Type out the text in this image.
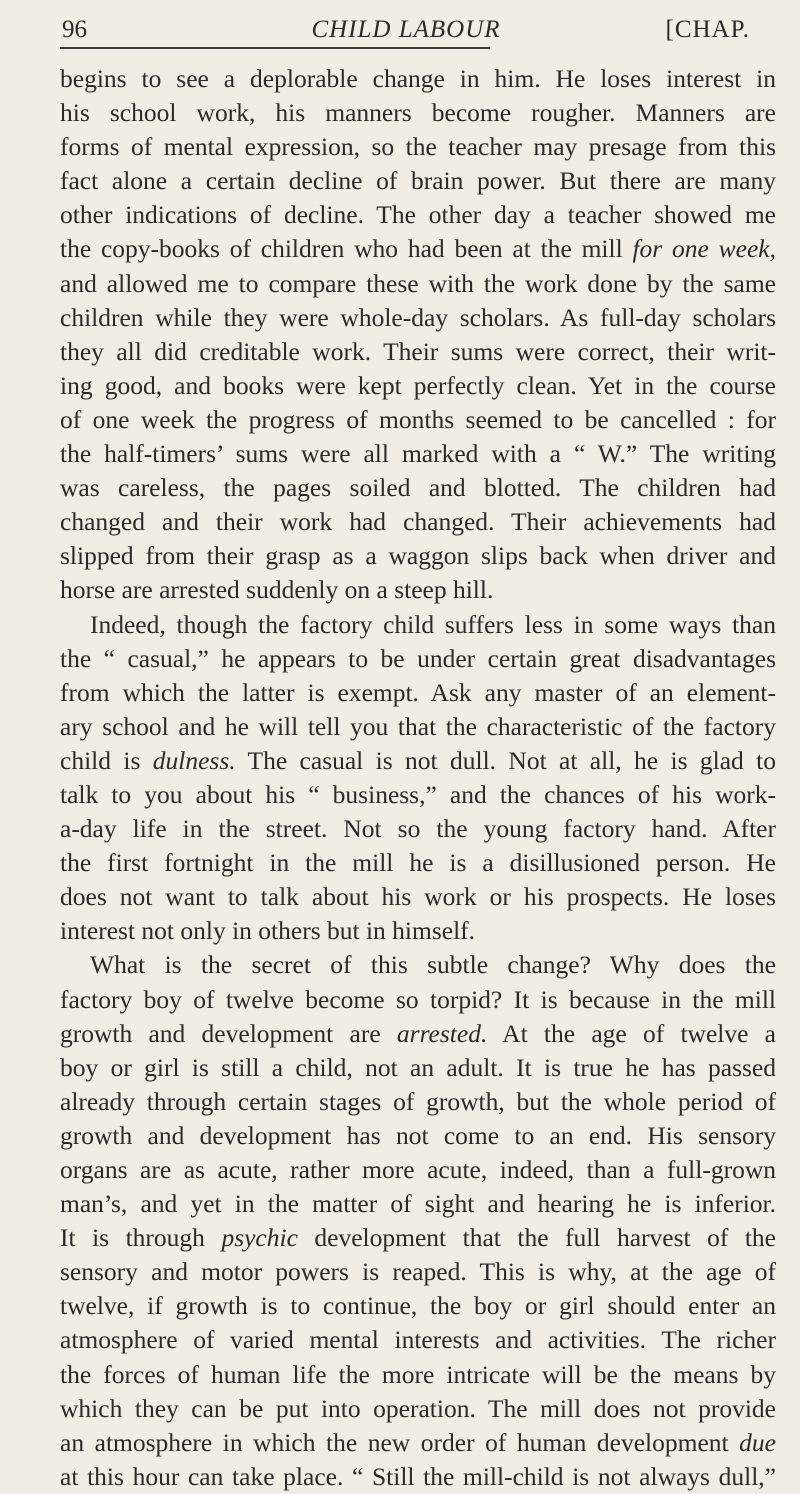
96	CHILD LABOUR	[CHAP.
begins to see a deplorable change in him. He loses interest in
his school work, his manners become rougher. Manners are
forms of mental expression, so the teacher may presage from this
fact alone a certain decline of brain power. But there are many
other indications of decline. The other day a teacher showed me
the copy-books of children who had been at the mill for one week,
and allowed me to compare these with the work done by the same
children while they were whole-day scholars. As full-day scholars
they all did creditable work. Their sums were correct, their writ-
ing good, and books were kept perfectly clean. Yet in the course
of one week the progress of months seemed to be cancelled : for
the half-timers’ sums were all marked with a “ W.” The writing
was careless, the pages soiled and blotted. The children had
changed and their work had changed. Their achievements had
slipped from their grasp as a waggon slips back when driver and
horse are arrested suddenly on a steep hill.
Indeed, though the factory child suffers less in some ways than
the “ casual,” he appears to be under certain great disadvantages
from which the latter is exempt. Ask any master of an element-
ary school and he will tell you that the characteristic of the factory
child is dulness. The casual is not dull. Not at all, he is glad to
talk to you about his “ business,” and the chances of his work-
a-day life in the street. Not so the young factory hand. After
the first fortnight in the mill he is a disillusioned person. He
does not want to talk about his work or his prospects. He loses
interest not only in others but in himself.
What is the secret of this subtle change? Why does the
factory boy of twelve become so torpid? It is because in the mill
growth and development are arrested. At the age of twelve a
boy or girl is still a child, not an adult. It is true he has passed
already through certain stages of growth, but the whole period of
growth and development has not come to an end. His sensory
organs are as acute, rather more acute, indeed, than a full-grown
man’s, and yet in the matter of sight and hearing he is inferior.
It is through psychic development that the full harvest of the
sensory and motor powers is reaped. This is why, at the age of
twelve, if growth is to continue, the boy or girl should enter an
atmosphere of varied mental interests and activities. The richer
the forces of human life the more intricate will be the means by
which they can be put into operation. The mill does not provide
an atmosphere in which the new order of human development due
at this hour can take place. “ Still the mill-child is not always dull,”
